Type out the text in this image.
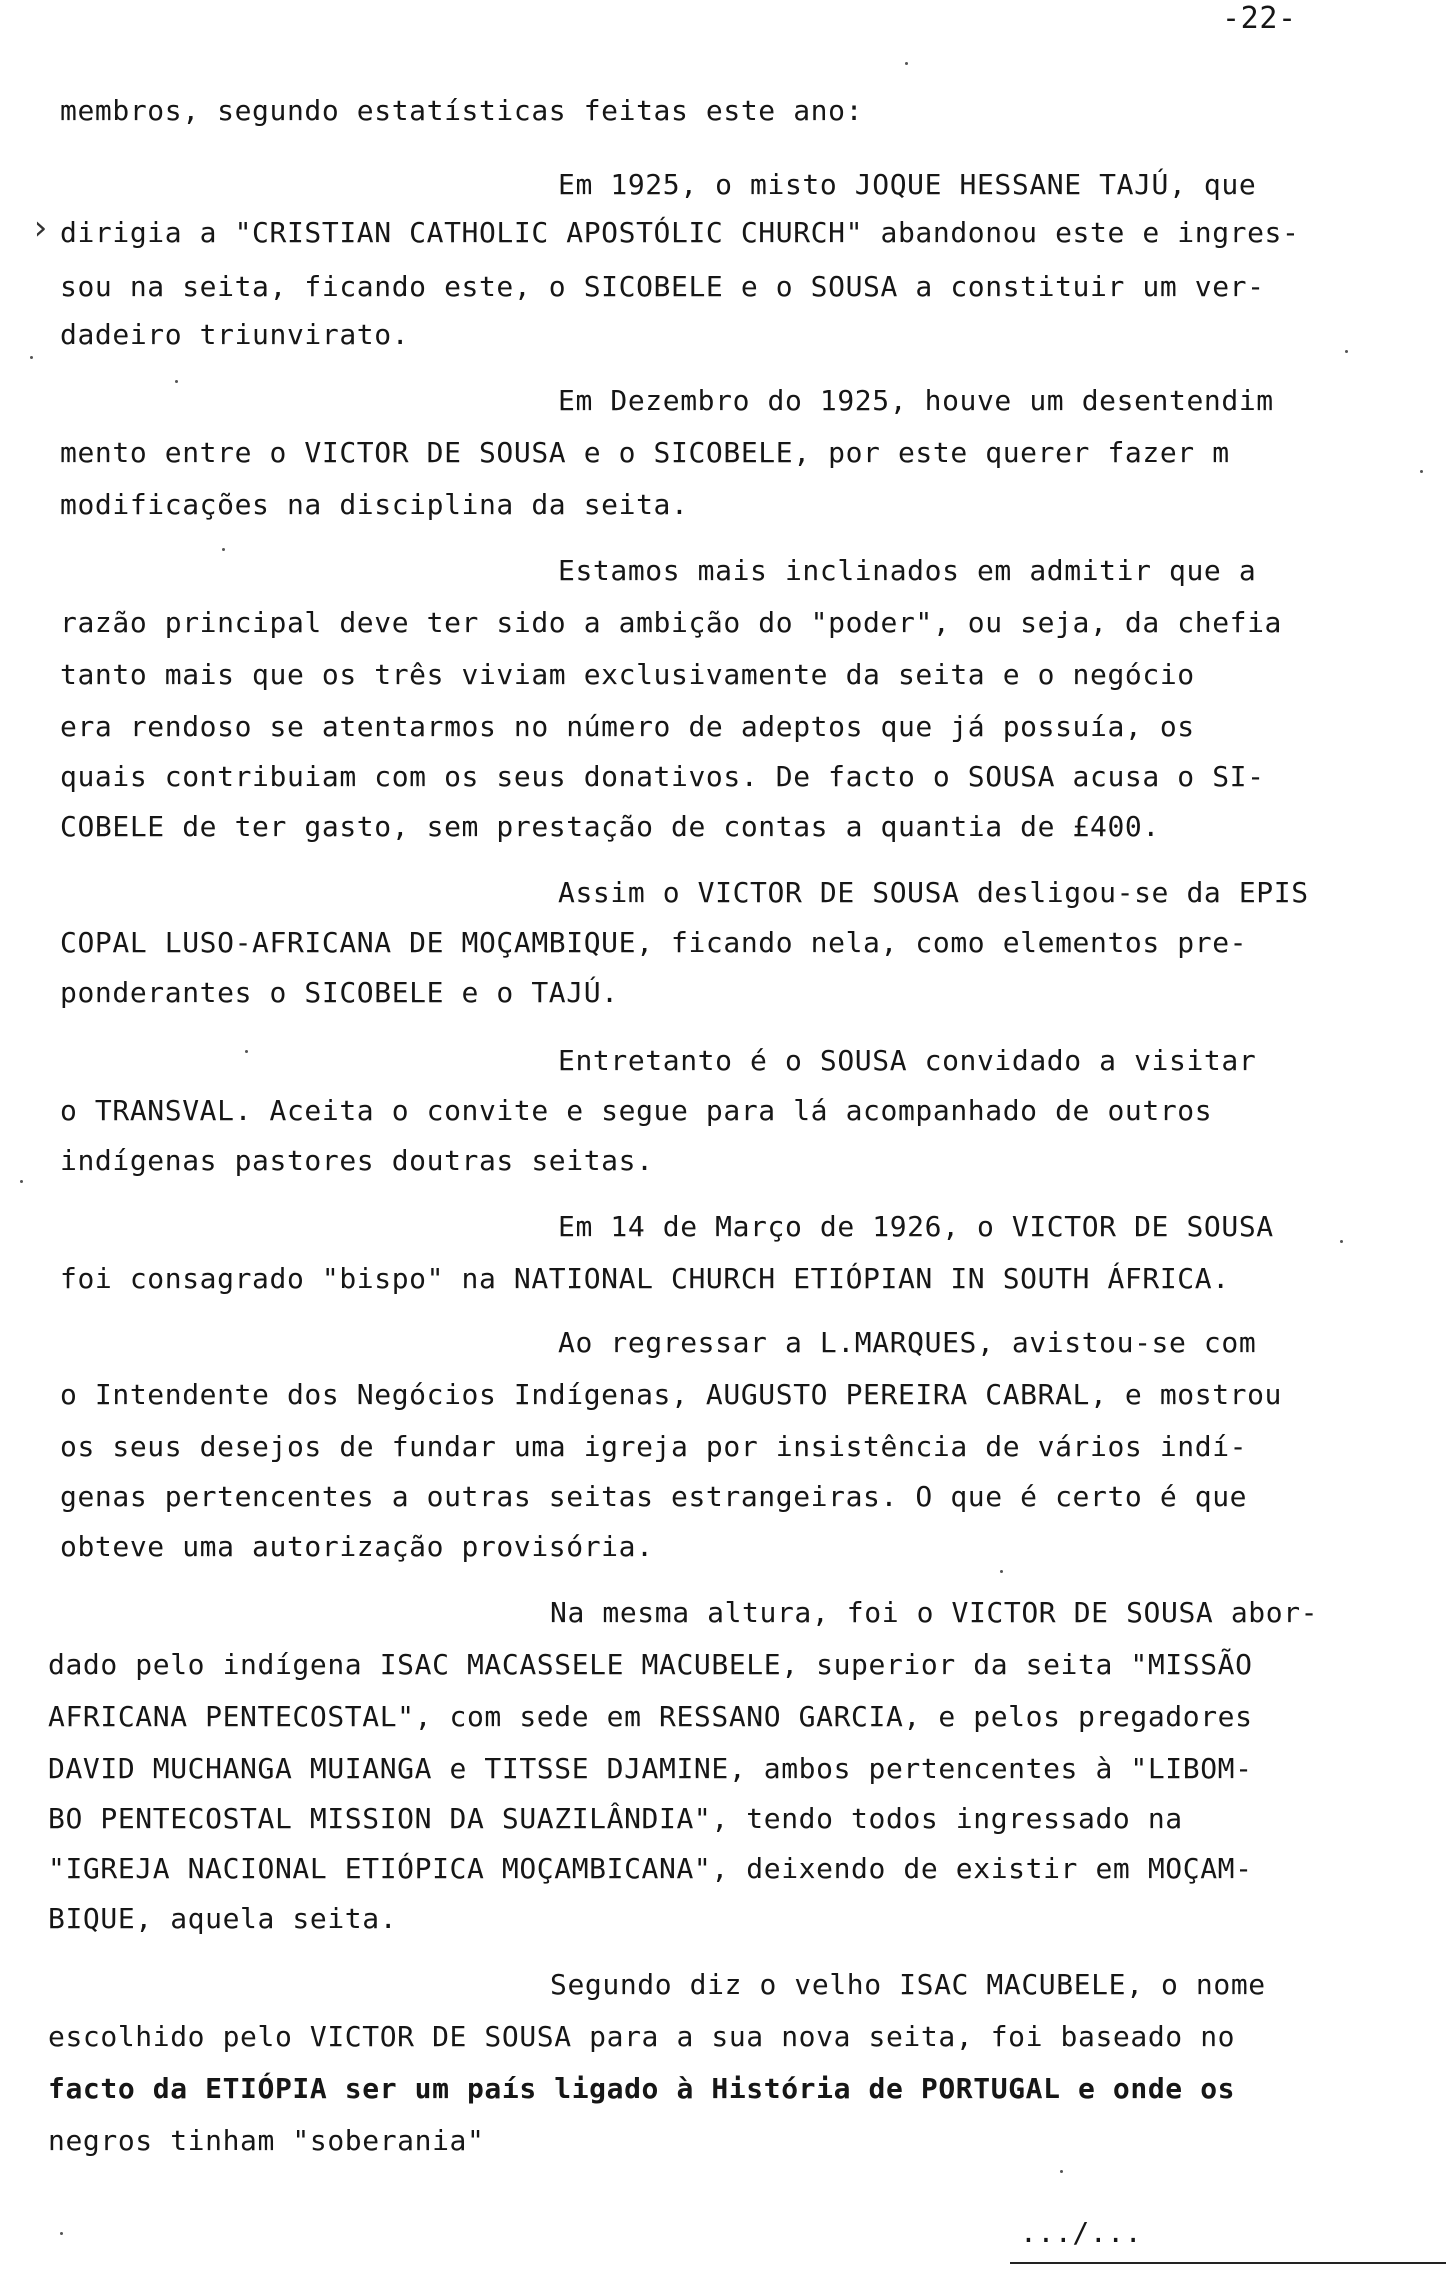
-22-
›
membros, segundo estatísticas feitas este ano:
Em 1925, o misto JOQUE HESSANE TAJÚ, que
dirigia a "CRISTIAN CATHOLIC APOSTÓLIC CHURCH" abandonou este e ingres-
sou na seita, ficando este, o SICOBELE e o SOUSA a constituir um ver-
dadeiro triunvirato.
Em Dezembro do 1925, houve um desentendim
mento entre o VICTOR DE SOUSA e o SICOBELE, por este querer fazer m
modificações na disciplina da seita.
Estamos mais inclinados em admitir que a
razão principal deve ter sido a ambição do "poder", ou seja, da chefia
tanto mais que os três viviam exclusivamente da seita e o negócio
era rendoso se atentarmos no número de adeptos que já possuía, os
quais contribuiam com os seus donativos. De facto o SOUSA acusa o SI-
COBELE de ter gasto, sem prestação de contas a quantia de £400.
Assim o VICTOR DE SOUSA desligou-se da EPIS
COPAL LUSO-AFRICANA DE MOÇAMBIQUE, ficando nela, como elementos pre-
ponderantes o SICOBELE e o TAJÚ.
Entretanto é o SOUSA convidado a visitar
o TRANSVAL. Aceita o convite e segue para lá acompanhado de outros
indígenas pastores doutras seitas.
Em 14 de Março de 1926, o VICTOR DE SOUSA
foi consagrado "bispo" na NATIONAL CHURCH ETIÓPIAN IN SOUTH ÁFRICA.
Ao regressar a L.MARQUES, avistou-se com
o Intendente dos Negócios Indígenas, AUGUSTO PEREIRA CABRAL, e mostrou
os seus desejos de fundar uma igreja por insistência de vários indí-
genas pertencentes a outras seitas estrangeiras. O que é certo é que
obteve uma autorização provisória.
Na mesma altura, foi o VICTOR DE SOUSA abor-
dado pelo indígena ISAC MACASSELE MACUBELE, superior da seita "MISSÃO
AFRICANA PENTECOSTAL", com sede em RESSANO GARCIA, e pelos pregadores
DAVID MUCHANGA MUIANGA e TITSSE DJAMINE, ambos pertencentes à "LIBOM-
BO PENTECOSTAL MISSION DA SUAZILÂNDIA", tendo todos ingressado na
"IGREJA NACIONAL ETIÓPICA MOÇAMBICANA", deixendo de existir em MOÇAM-
BIQUE, aquela seita.
Segundo diz o velho ISAC MACUBELE, o nome
escolhido pelo VICTOR DE SOUSA para a sua nova seita, foi baseado no
facto da ETIÓPIA ser um país ligado à História de PORTUGAL e onde os
negros tinham "soberania"
.../...
